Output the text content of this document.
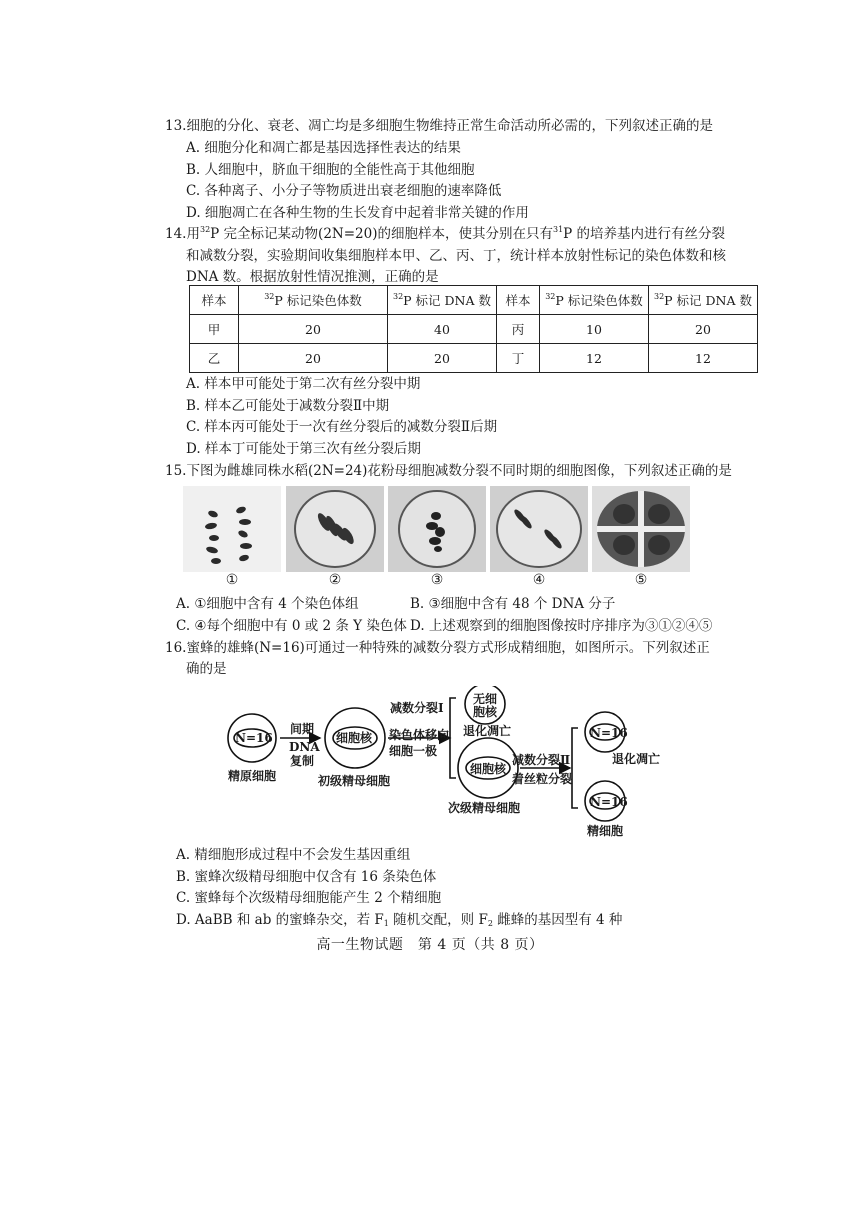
13.细胞的分化、衰老、凋亡均是多细胞生物维持正常生命活动所必需的，下列叙述正确的是
A. 细胞分化和凋亡都是基因选择性表达的结果
B. 人细胞中，脐血干细胞的全能性高于其他细胞
C. 各种离子、小分子等物质进出衰老细胞的速率降低
D. 细胞凋亡在各种生物的生长发育中起着非常关键的作用
14.用$^{32}$P 完全标记某动物(2N=20)的细胞样本，使其分别在只有$^{31}$P 的培养基内进行有丝分裂
和减数分裂，实验期间收集细胞样本甲、乙、丙、丁，统计样本放射性标记的染色体数和核
DNA 数。根据放射性情况推测，正确的是
样本	$^{32}$P 标记染色体数	$^{32}$P 标记 DNA 数	样本	$^{32}$P 标记染色体数	$^{32}$P 标记 DNA 数
甲	20	40	丙	10	20
乙	20	20	丁	12	12
A. 样本甲可能处于第二次有丝分裂中期
B. 样本乙可能处于减数分裂Ⅱ中期
C. 样本丙可能处于一次有丝分裂后的减数分裂Ⅱ后期
D. 样本丁可能处于第三次有丝分裂后期
15.下图为雌雄同株水稻(2N=24)花粉母细胞减数分裂不同时期的细胞图像，下列叙述正确的是
①	②	③	④	⑤
A. ①细胞中含有 4 个染色体组	B. ③细胞中含有 48 个 DNA 分子
C. ④每个细胞中有 0 或 2 条 Y 染色体 D. 上述观察到的细胞图像按时序排序为③①②④⑤
16.蜜蜂的雄蜂(N=16)可通过一种特殊的减数分裂方式形成精细胞，如图所示。下列叙述正
确的是
N=16
间期
DNA
复制
细胞核
精原细胞	初级精母细胞
减数分裂Ⅰ
染色体移向
细胞一极
无细
胞核
退化凋亡
细胞核
次级精母细胞
减数分裂Ⅱ
着丝粒分裂
N=16
退化凋亡
N=16
精细胞
A. 精细胞形成过程中不会发生基因重组
B. 蜜蜂次级精母细胞中仅含有 16 条染色体
C. 蜜蜂每个次级精母细胞能产生 2 个精细胞
D. AaBB 和 ab 的蜜蜂杂交，若 $F_1$ 随机交配，则 $F_2$ 雌蜂的基因型有 4 种
高一生物试题　第 4 页（共 8 页）
